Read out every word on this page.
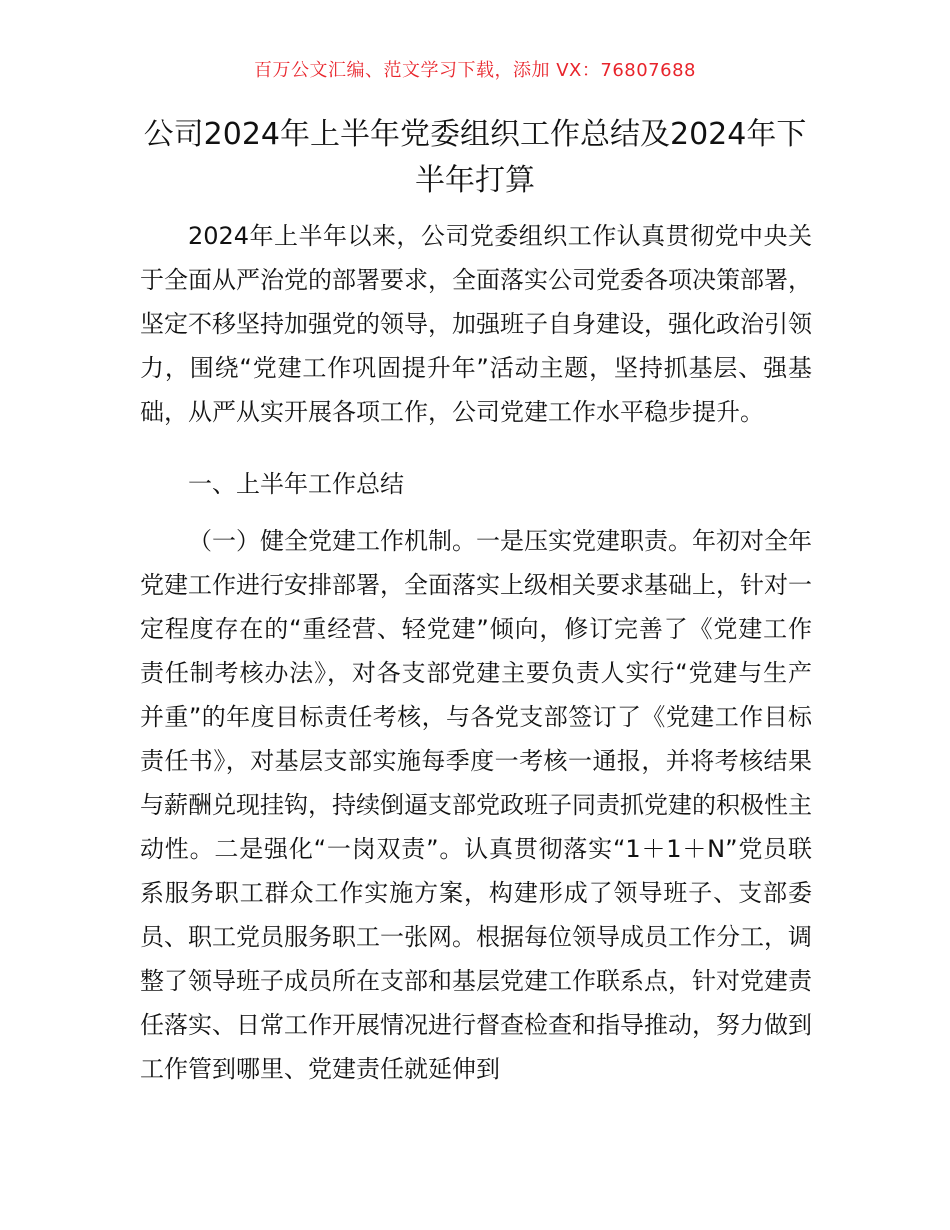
百万公文汇编、范文学习下载，添加 VX：76807688
公司2024年上半年党委组织工作总结及2024年下半年打算

2024年上半年以来，公司党委组织工作认真贯彻党中央关于全面从严治党的部署要求，全面落实公司党委各项决策部署，坚定不移坚持加强党的领导，加强班子自身建设，强化政治引领力，围绕“党建工作巩固提升年”活动主题，坚持抓基层、强基础，从严从实开展各项工作，公司党建工作水平稳步提升。

一、上半年工作总结

（一）健全党建工作机制。一是压实党建职责。年初对全年党建工作进行安排部署，全面落实上级相关要求基础上，针对一定程度存在的“重经营、轻党建”倾向，修订完善了《党建工作责任制考核办法》，对各支部党建主要负责人实行“党建与生产并重”的年度目标责任考核，与各党支部签订了《党建工作目标责任书》，对基层支部实施每季度一考核一通报，并将考核结果与薪酬兑现挂钩，持续倒逼支部党政班子同责抓党建的积极性主动性。二是强化“一岗双责”。认真贯彻落实“1＋1＋N”党员联系服务职工群众工作实施方案，构建形成了领导班子、支部委员、职工党员服务职工一张网。根据每位领导成员工作分工，调整了领导班子成员所在支部和基层党建工作联系点，针对党建责任落实、日常工作开展情况进行督查检查和指导推动，努力做到工作管到哪里、党建责任就延伸到
